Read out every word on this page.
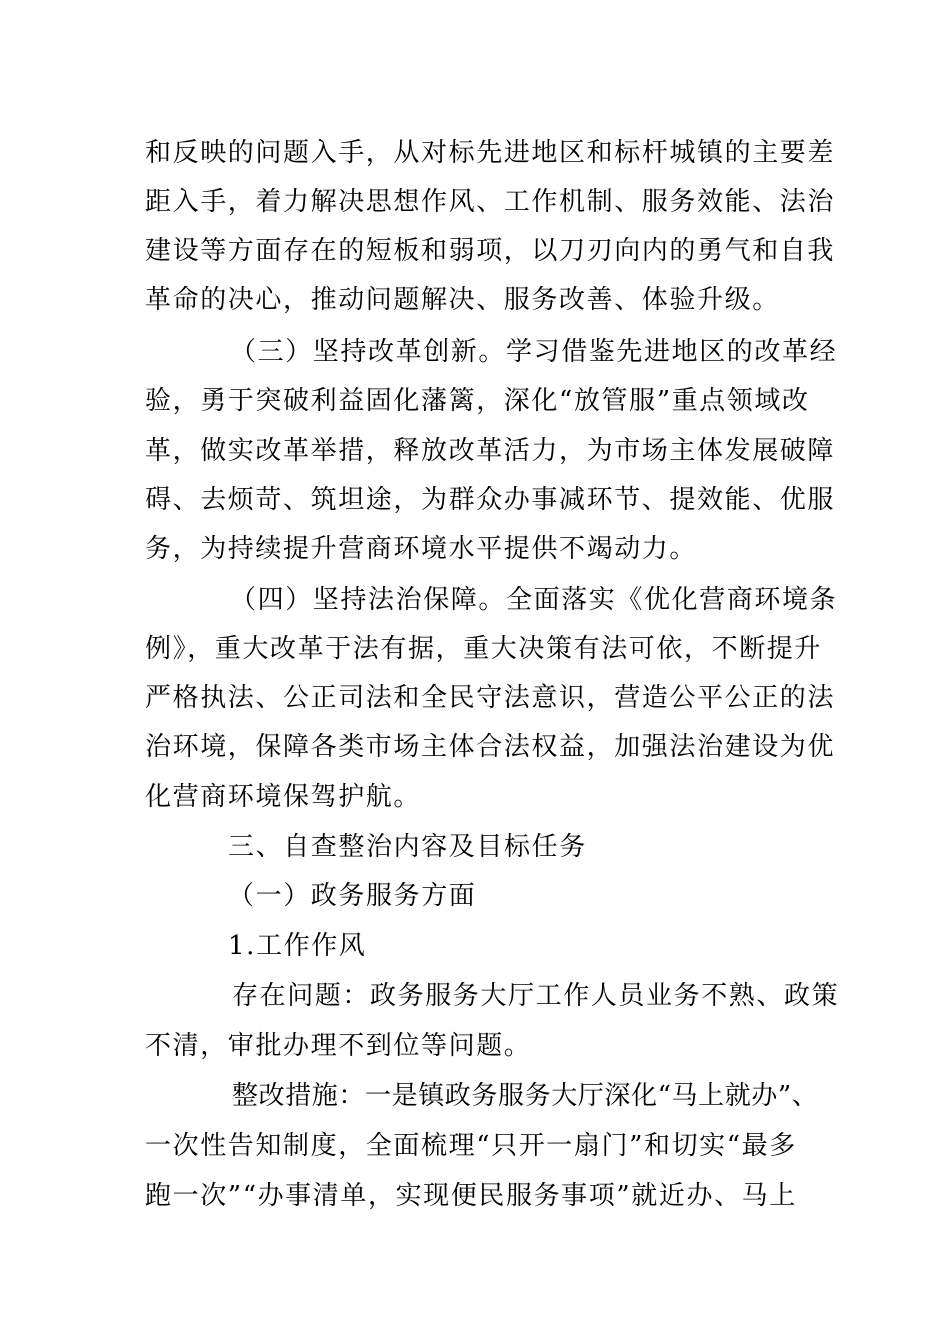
和反映的问题入手，从对标先进地区和标杆城镇的主要差
距入手，着力解决思想作风、工作机制、服务效能、法治
建设等方面存在的短板和弱项，以刀刃向内的勇气和自我
革命的决心，推动问题解决、服务改善、体验升级。
（三）坚持改革创新。学习借鉴先进地区的改革经
验，勇于突破利益固化藩篱，深化“放管服”重点领域改
革，做实改革举措，释放改革活力，为市场主体发展破障
碍、去烦苛、筑坦途，为群众办事减环节、提效能、优服
务，为持续提升营商环境水平提供不竭动力。
（四）坚持法治保障。全面落实《优化营商环境条
例》，重大改革于法有据，重大决策有法可依，不断提升
严格执法、公正司法和全民守法意识，营造公平公正的法
治环境，保障各类市场主体合法权益，加强法治建设为优
化营商环境保驾护航。
三、自查整治内容及目标任务
（一）政务服务方面
1.工作作风
存在问题：政务服务大厅工作人员业务不熟、政策
不清，审批办理不到位等问题。
整改措施：一是镇政务服务大厅深化“马上就办”、
一次性告知制度，全面梳理“只开一扇门”和切实“最多
跑一次”“办事清单，实现便民服务事项”就近办、马上
